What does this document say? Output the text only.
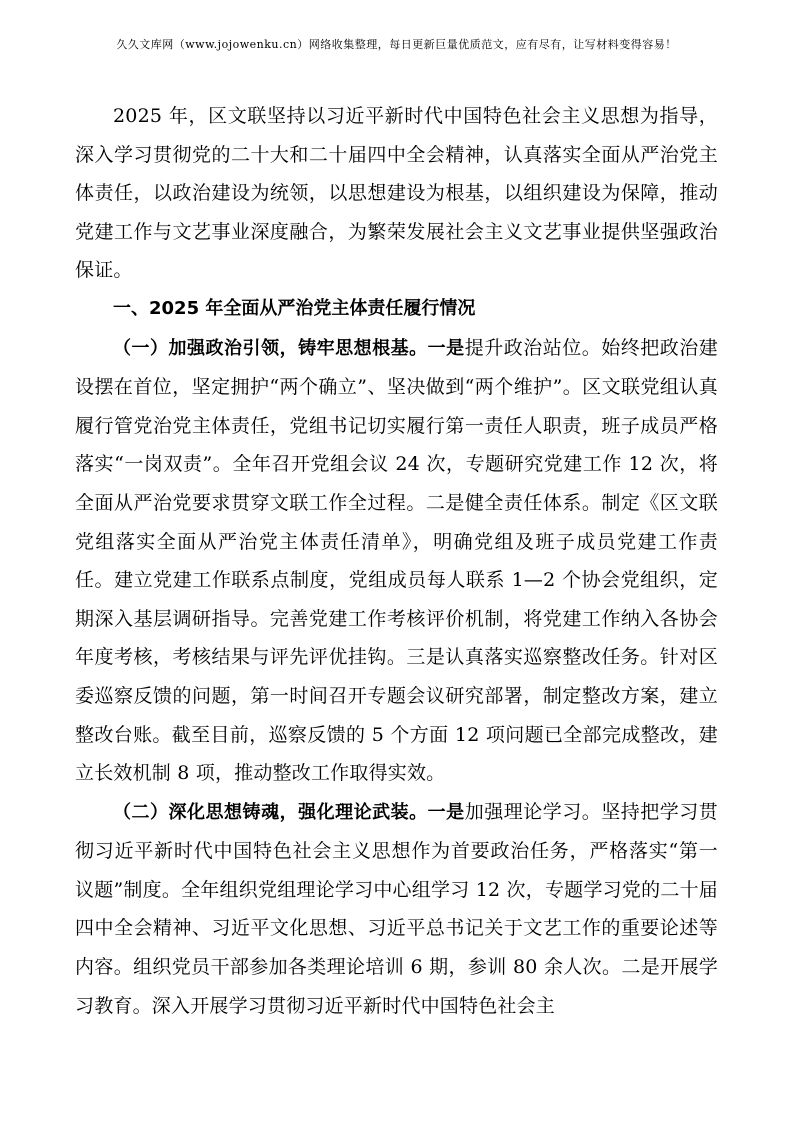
久久文库网（www.jojowenku.cn）网络收集整理，每日更新巨量优质范文，应有尽有，让写材料变得容易！

2025 年，区文联坚持以习近平新时代中国特色社会主义思想为指导，深入学习贯彻党的二十大和二十届四中全会精神，认真落实全面从严治党主体责任，以政治建设为统领，以思想建设为根基，以组织建设为保障，推动党建工作与文艺事业深度融合，为繁荣发展社会主义文艺事业提供坚强政治保证。

一、2025 年全面从严治党主体责任履行情况

（一）加强政治引领，铸牢思想根基。一是提升政治站位。始终把政治建设摆在首位，坚定拥护“两个确立”、坚决做到“两个维护”。区文联党组认真履行管党治党主体责任，党组书记切实履行第一责任人职责，班子成员严格落实“一岗双责”。全年召开党组会议 24 次，专题研究党建工作 12 次，将全面从严治党要求贯穿文联工作全过程。二是健全责任体系。制定《区文联党组落实全面从严治党主体责任清单》，明确党组及班子成员党建工作责任。建立党建工作联系点制度，党组成员每人联系 1—2 个协会党组织，定期深入基层调研指导。完善党建工作考核评价机制，将党建工作纳入各协会年度考核，考核结果与评先评优挂钩。三是认真落实巡察整改任务。针对区委巡察反馈的问题，第一时间召开专题会议研究部署，制定整改方案，建立整改台账。截至目前，巡察反馈的 5 个方面 12 项问题已全部完成整改，建立长效机制 8 项，推动整改工作取得实效。

（二）深化思想铸魂，强化理论武装。一是加强理论学习。坚持把学习贯彻习近平新时代中国特色社会主义思想作为首要政治任务，严格落实“第一议题”制度。全年组织党组理论学习中心组学习 12 次，专题学习党的二十届四中全会精神、习近平文化思想、习近平总书记关于文艺工作的重要论述等内容。组织党员干部参加各类理论培训 6 期，参训 80 余人次。二是开展学习教育。深入开展学习贯彻习近平新时代中国特色社会主
